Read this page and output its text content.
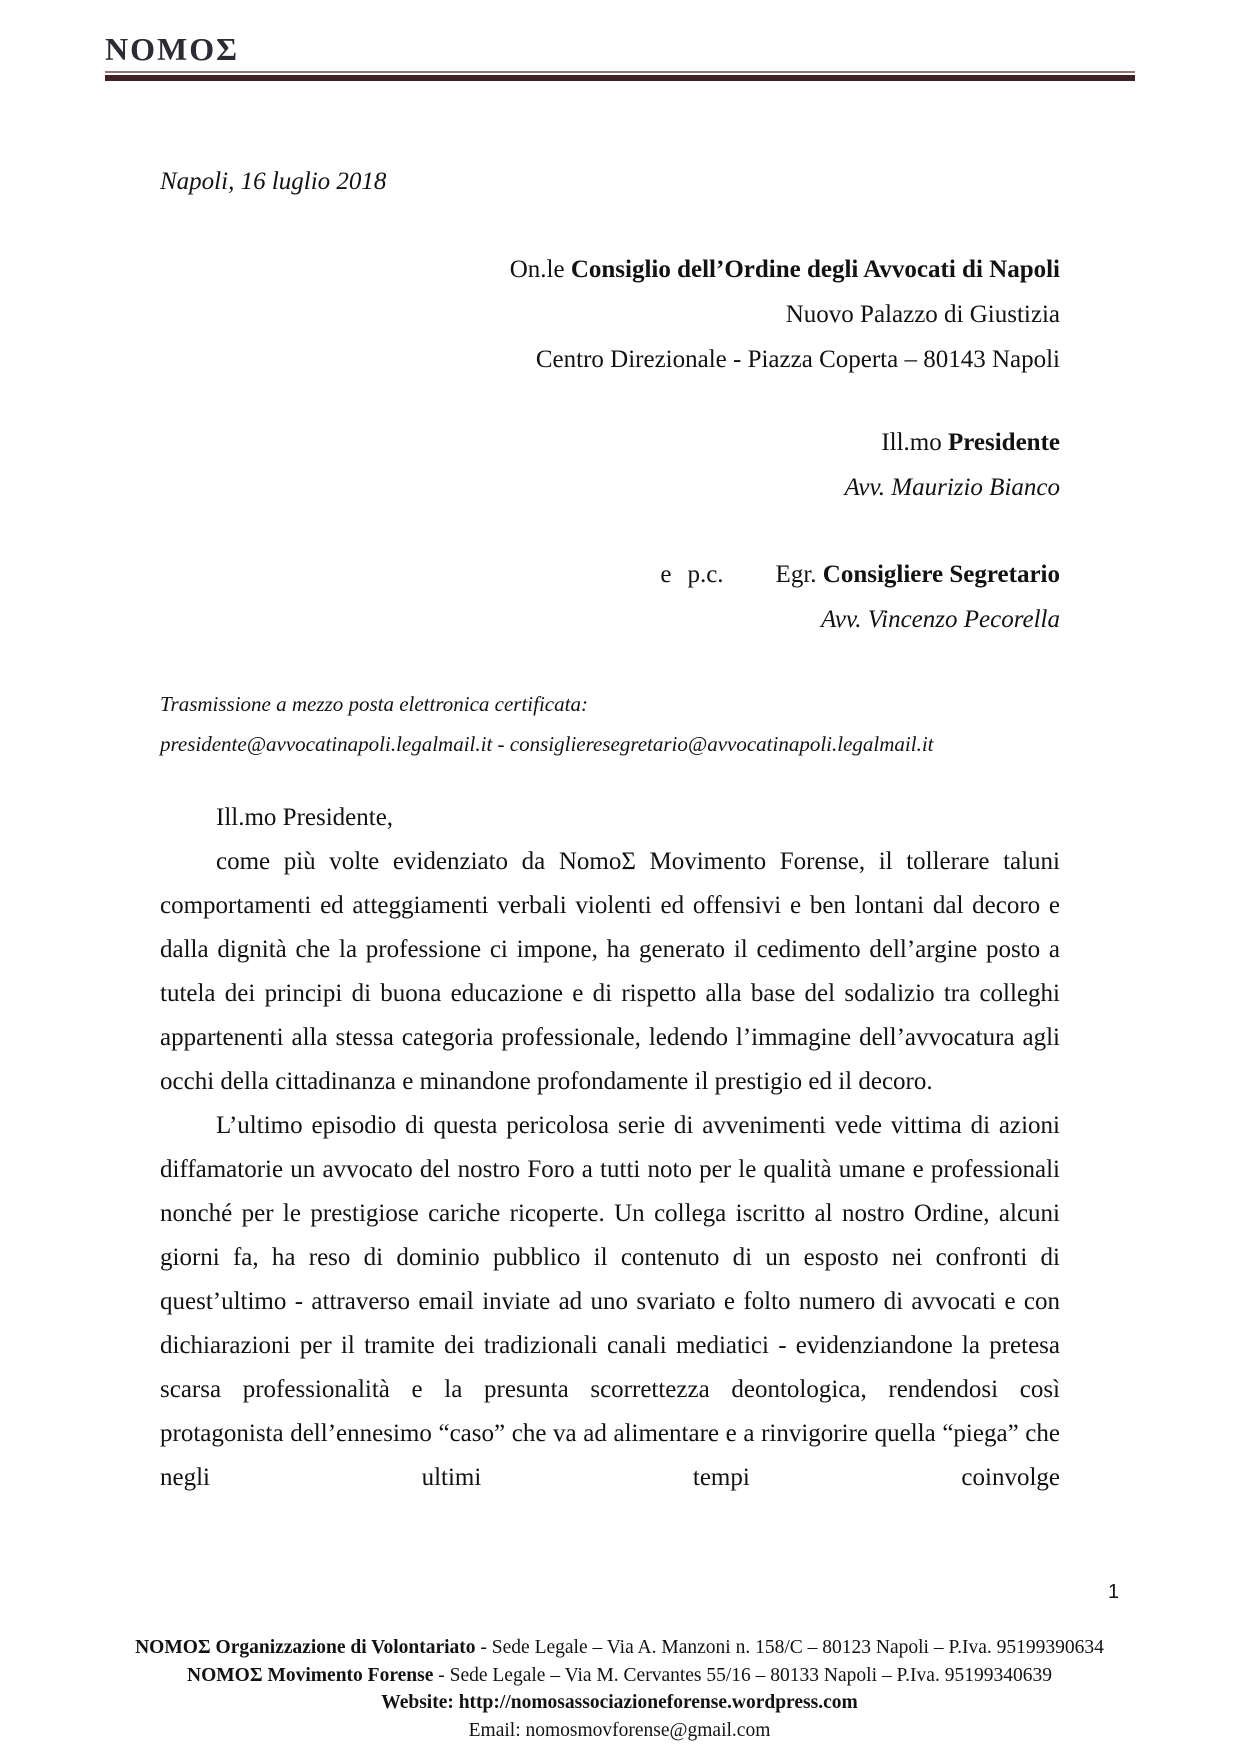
ΝΟΜΟΣ
Napoli, 16 luglio 2018
On.le Consiglio dell’Ordine degli Avvocati di Napoli
Nuovo Palazzo di Giustizia
Centro Direzionale - Piazza Coperta – 80143 Napoli
Ill.mo Presidente
Avv. Maurizio Bianco
e p.c. Egr. Consigliere Segretario
Avv. Vincenzo Pecorella
Trasmissione a mezzo posta elettronica certificata:
presidente@avvocatinapoli.legalmail.it - consiglieresegretario@avvocatinapoli.legalmail.it

Ill.mo Presidente,

come più volte evidenziato da NomoΣ Movimento Forense, il tollerare taluni comportamenti ed atteggiamenti verbali violenti ed offensivi e ben lontani dal decoro e dalla dignità che la professione ci impone, ha generato il cedimento dell’argine posto a tutela dei principi di buona educazione e di rispetto alla base del sodalizio tra colleghi appartenenti alla stessa categoria professionale, ledendo l’immagine dell’avvocatura agli occhi della cittadinanza e minandone profondamente il prestigio ed il decoro.

L’ultimo episodio di questa pericolosa serie di avvenimenti vede vittima di azioni diffamatorie un avvocato del nostro Foro a tutti noto per le qualità umane e professionali nonché per le prestigiose cariche ricoperte. Un collega iscritto al nostro Ordine, alcuni giorni fa, ha reso di dominio pubblico il contenuto di un esposto nei confronti di quest’ultimo - attraverso email inviate ad uno svariato e folto numero di avvocati e con dichiarazioni per il tramite dei tradizionali canali mediatici - evidenziandone la pretesa scarsa professionalità e la presunta scorrettezza deontologica, rendendosi così protagonista dell’ennesimo “caso” che va ad alimentare e a rinvigorire quella “piega” che negli ultimi tempi coinvolge

1
ΝΟΜΟΣ Organizzazione di Volontariato - Sede Legale – Via A. Manzoni n. 158/C – 80123 Napoli – P.Iva. 95199390634
ΝΟΜΟΣ Movimento Forense - Sede Legale – Via M. Cervantes 55/16 – 80133 Napoli – P.Iva. 95199340639
Website: http://nomosassociazioneforense.wordpress.com
Email: nomosmovforense@gmail.com
